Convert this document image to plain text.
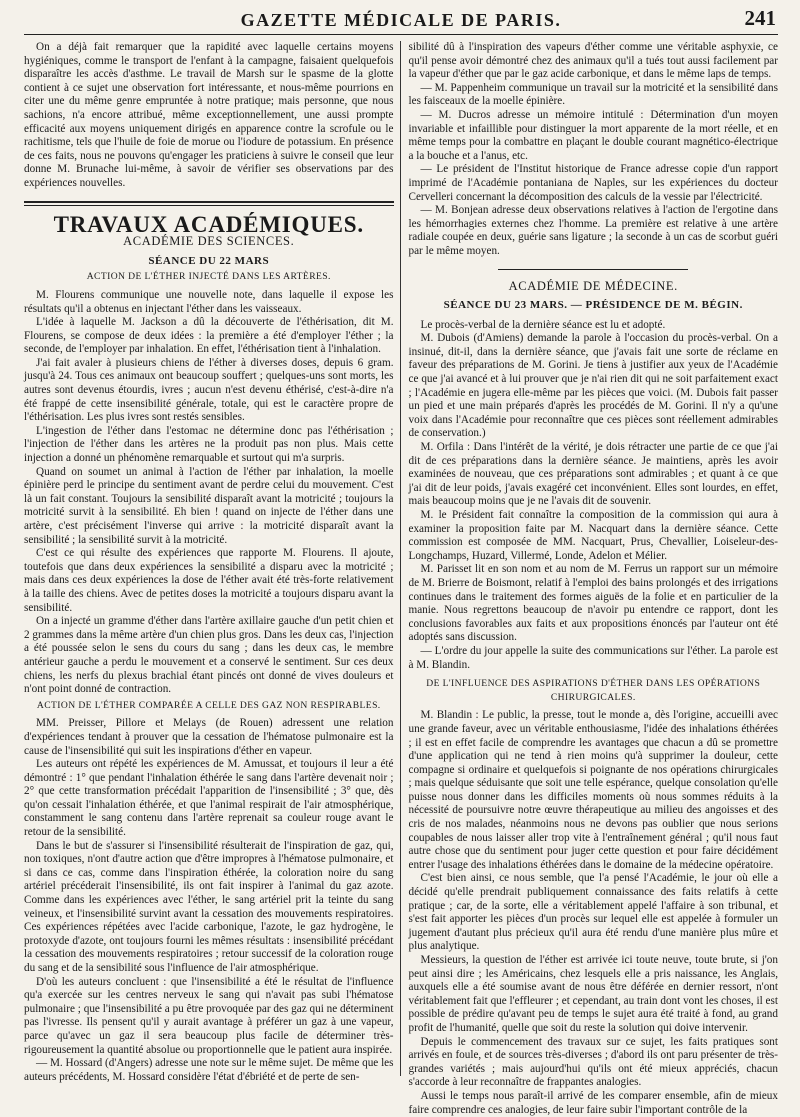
GAZETTE MÉDICALE DE PARIS.	241

On a déjà fait remarquer que la rapidité avec laquelle certains moyens hygiéniques, comme le transport de l'enfant à la campagne, faisaient quelquefois disparaître les accès d'asthme. Le travail de Marsh sur le spasme de la glotte contient à ce sujet une observation fort intéressante, et nous-même pourrions en citer une du même genre empruntée à notre pratique; mais personne, que nous sachions, n'a encore attribué, même exceptionnellement, une aussi prompte efficacité aux moyens uniquement dirigés en apparence contre la scrofule ou le rachitisme, tels que l'huile de foie de morue ou l'iodure de potassium. En présence de ces faits, nous ne pouvons qu'engager les praticiens à suivre le conseil que leur donne M. Brunache lui-même, à savoir de vérifier ses observations par des expériences nouvelles.

TRAVAUX ACADÉMIQUES.
ACADÉMIE DES SCIENCES.
SÉANCE DU 22 MARS
ACTION DE L'ÉTHER INJECTÉ DANS LES ARTÈRES.

M. Flourens communique une nouvelle note, dans laquelle il expose les résultats qu'il a obtenus en injectant l'éther dans les vaisseaux.

L'idée à laquelle M. Jackson a dû la découverte de l'éthérisation, dit M. Flourens, se compose de deux idées : la première a été d'employer l'éther ; la seconde, de l'employer par inhalation. En effet, l'éthérisation tient à l'inhalation.

J'ai fait avaler à plusieurs chiens de l'éther à diverses doses, depuis 6 gram. jusqu'à 24. Tous ces animaux ont beaucoup souffert ; quelques-uns sont morts, les autres sont devenus étourdis, ivres ; aucun n'est devenu éthérisé, c'est-à-dire n'a été frappé de cette insensibilité générale, totale, qui est le caractère propre de l'éthérisation. Les plus ivres sont restés sensibles.

L'ingestion de l'éther dans l'estomac ne détermine donc pas l'éthérisation ; l'injection de l'éther dans les artères ne la produit pas non plus. Mais cette injection a donné un phénomène remarquable et surtout qui m'a surpris.

Quand on soumet un animal à l'action de l'éther par inhalation, la moelle épinière perd le principe du sentiment avant de perdre celui du mouvement. C'est là un fait constant. Toujours la sensibilité disparaît avant la motricité ; toujours la motricité survit à la sensibilité. Eh bien ! quand on injecte de l'éther dans une artère, c'est précisément l'inverse qui arrive : la motricité disparaît avant la sensibilité ; la sensibilité survit à la motricité.

C'est ce qui résulte des expériences que rapporte M. Flourens. Il ajoute, toutefois que dans deux expériences la sensibilité a disparu avec la motricité ; mais dans ces deux expériences la dose de l'éther avait été très-forte relativement à la taille des chiens. Avec de petites doses la motricité a toujours disparu avant la sensibilité.

On a injecté un gramme d'éther dans l'artère axillaire gauche d'un petit chien et 2 grammes dans la même artère d'un chien plus gros. Dans les deux cas, l'injection a été poussée selon le sens du cours du sang ; dans les deux cas, le membre antérieur gauche a perdu le mouvement et a conservé le sentiment. Sur ces deux chiens, les nerfs du plexus brachial étant pincés ont donné de vives douleurs et n'ont point donné de contraction.

ACTION DE L'ÉTHER COMPARÉE A CELLE DES GAZ NON RESPIRABLES.

MM. Preisser, Pillore et Melays (de Rouen) adressent une relation d'expériences tendant à prouver que la cessation de l'hématose pulmonaire est la cause de l'insensibilité qui suit les inspirations d'éther en vapeur.

Les auteurs ont répété les expériences de M. Amussat, et toujours il leur a été démontré : 1° que pendant l'inhalation éthérée le sang dans l'artère devenait noir ; 2° que cette transformation précédait l'apparition de l'insensibilité ; 3° que, dès qu'on cessait l'inhalation éthérée, et que l'animal respirait de l'air atmosphérique, constamment le sang contenu dans l'artère reprenait sa couleur rouge avant le retour de la sensibilité.

Dans le but de s'assurer si l'insensibilité résulterait de l'inspiration de gaz, qui, non toxiques, n'ont d'autre action que d'être impropres à l'hématose pulmonaire, et si dans ce cas, comme dans l'inspiration éthérée, la coloration noire du sang artériel précéderait l'insensibilité, ils ont fait inspirer à l'animal du gaz azote. Comme dans les expériences avec l'éther, le sang artériel prit la teinte du sang veineux, et l'insensibilité survint avant la cessation des mouvements respiratoires. Ces expériences répétées avec l'acide carbonique, l'azote, le gaz hydrogène, le protoxyde d'azote, ont toujours fourni les mêmes résultats : insensibilité précédant la cessation des mouvements respiratoires ; retour successif de la coloration rouge du sang et de la sensibilité sous l'influence de l'air atmosphérique.

D'où les auteurs concluent : que l'insensibilité a été le résultat de l'influence qu'a exercée sur les centres nerveux le sang qui n'avait pas subi l'hématose pulmonaire ; que l'insensibilité a pu être provoquée par des gaz qui ne déterminent pas l'ivresse. Ils pensent qu'il y aurait avantage à préférer un gaz à une vapeur, parce qu'avec un gaz il sera beaucoup plus facile de déterminer très-rigoureusement la quantité absolue ou proportionnelle que le patient aura inspirée.

— M. Hossard (d'Angers) adresse une note sur le même sujet. De même que les auteurs précédents, M. Hossard considère l'état d'ébriété et de perte de sen-

sibilité dû à l'inspiration des vapeurs d'éther comme une véritable asphyxie, ce qu'il pense avoir démontré chez des animaux qu'il a tués tout aussi facilement par la vapeur d'éther que par le gaz acide carbonique, et dans le même laps de temps.

— M. Pappenheim communique un travail sur la motricité et la sensibilité dans les faisceaux de la moelle épinière.

— M. Ducros adresse un mémoire intitulé : Détermination d'un moyen invariable et infaillible pour distinguer la mort apparente de la mort réelle, et en même temps pour la combattre en plaçant le double courant magnético-électrique a la bouche et a l'anus, etc.

— Le président de l'Institut historique de France adresse copie d'un rapport imprimé de l'Académie pontaniana de Naples, sur les expériences du docteur Cervelleri concernant la décomposition des calculs de la vessie par l'électricité.

— M. Bonjean adresse deux observations relatives à l'action de l'ergotine dans les hémorrhagies externes chez l'homme. La première est relative à une artère radiale coupée en deux, guérie sans ligature ; la seconde à un cas de scorbut guéri par le même moyen.

ACADÉMIE DE MÉDECINE.
SÉANCE DU 23 MARS. — PRÉSIDENCE DE M. BÉGIN.

Le procès-verbal de la dernière séance est lu et adopté.

M. Dubois (d'Amiens) demande la parole à l'occasion du procès-verbal. On a insinué, dit-il, dans la dernière séance, que j'avais fait une sorte de réclame en faveur des préparations de M. Gorini. Je tiens à justifier aux yeux de l'Académie ce que j'ai avancé et à lui prouver que je n'ai rien dit qui ne soit parfaitement exact ; l'Académie en jugera elle-même par les pièces que voici. (M. Dubois fait passer un pied et une main préparés d'après les procédés de M. Gorini. Il n'y a qu'une voix dans l'Académie pour reconnaître que ces pièces sont réellement admirables de conservation.)

M. Orfila : Dans l'intérêt de la vérité, je dois rétracter une partie de ce que j'ai dit de ces préparations dans la dernière séance. Je maintiens, après les avoir examinées de nouveau, que ces préparations sont admirables ; et quant à ce que j'ai dit de leur poids, j'avais exagéré cet inconvénient. Elles sont lourdes, en effet, mais beaucoup moins que je ne l'avais dit de souvenir.

M. le Président fait connaître la composition de la commission qui aura à examiner la proposition faite par M. Nacquart dans la dernière séance. Cette commission est composée de MM. Nacquart, Prus, Chevallier, Loiseleur-des-Longchamps, Huzard, Villermé, Londe, Adelon et Mélier.

M. Parisset lit en son nom et au nom de M. Ferrus un rapport sur un mémoire de M. Brierre de Boismont, relatif à l'emploi des bains prolongés et des irrigations continues dans le traitement des formes aiguës de la folie et en particulier de la manie. Nous regrettons beaucoup de n'avoir pu entendre ce rapport, dont les conclusions favorables aux faits et aux propositions énoncés par l'auteur ont été adoptés sans discussion.

— L'ordre du jour appelle la suite des communications sur l'éther. La parole est à M. Blandin.

DE L'INFLUENCE DES ASPIRATIONS D'ÉTHER DANS LES OPÉRATIONS CHIRURGICALES.

M. Blandin : Le public, la presse, tout le monde a, dès l'origine, accueilli avec une grande faveur, avec un véritable enthousiasme, l'idée des inhalations éthérées ; il est en effet facile de comprendre les avantages que chacun a dû se promettre d'une application qui ne tend à rien moins qu'à supprimer la douleur, cette compagne si ordinaire et quelquefois si poignante de nos opérations chirurgicales ; mais quelque séduisante que soit une telle espérance, quelque consolation qu'elle puisse nous donner dans les difficiles moments où nous sommes réduits à la nécessité de poursuivre notre œuvre thérapeutique au milieu des angoisses et des cris de nos malades, néanmoins nous ne devons pas oublier que nous serions coupables de nous laisser aller trop vite à l'entraînement général ; qu'il nous faut autre chose que du sentiment pour juger cette question et pour faire décidément entrer l'usage des inhalations éthérées dans le domaine de la médecine opératoire.

C'est bien ainsi, ce nous semble, que l'a pensé l'Académie, le jour où elle a décidé qu'elle prendrait publiquement connaissance des faits relatifs à cette pratique ; car, de la sorte, elle a véritablement appelé l'affaire à son tribunal, et s'est fait apporter les pièces d'un procès sur lequel elle est appelée à formuler un jugement d'autant plus précieux qu'il aura été rendu d'une manière plus mûre et plus analytique.

Messieurs, la question de l'éther est arrivée ici toute neuve, toute brute, si j'on peut ainsi dire ; les Américains, chez lesquels elle a pris naissance, les Anglais, auxquels elle a été soumise avant de nous être déférée en dernier ressort, n'ont véritablement fait que l'effleurer ; et cependant, au train dont vont les choses, il est possible de prédire qu'avant peu de temps le sujet aura été traité à fond, au grand profit de l'humanité, quelle que soit du reste la solution qui doive intervenir.

Depuis le commencement des travaux sur ce sujet, les faits pratiques sont arrivés en foule, et de sources très-diverses ; d'abord ils ont paru présenter de très-grandes variétés ; mais aujourd'hui qu'ils ont été mieux appréciés, chacun s'accorde à leur reconnaître de frappantes analogies.

Aussi le temps nous paraît-il arrivé de les comparer ensemble, afin de mieux faire comprendre ces analogies, de leur faire subir l'important contrôle de la
